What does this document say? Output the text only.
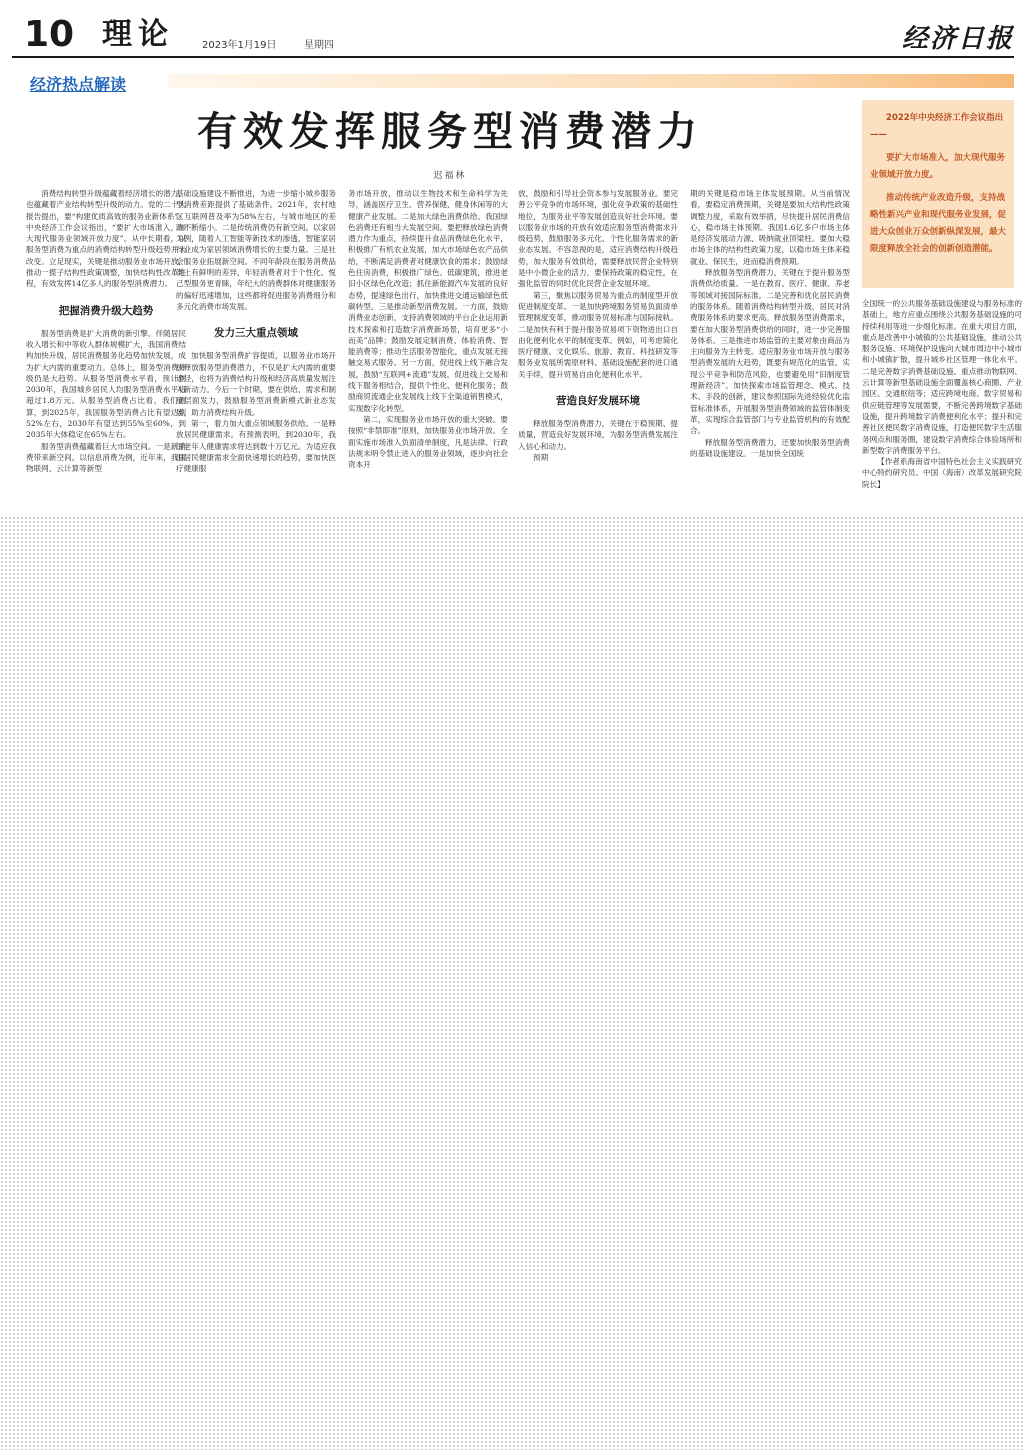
10 理论	2023年1月19日	星期四	经济日报
经济热点解读
有效发挥服务型消费潜力
迟福林

2022年中央经济工作会议指出——

要扩大市场准入，加大现代服务业领域开放力度。

推动传统产业改造升级，支持战略性新兴产业和现代服务业发展，促进大众创业万众创新纵深发展，最大限度释放全社会的创新创造潜能。

消费结构转型升级蕴藏着经济增长的潜力，也蕴藏着产业结构转型升级的动力。党的二十大报告提出，要“构建优质高效的服务业新体系”。中央经济工作会议指出，“要扩大市场准入，加大现代服务业领域开放力度”。从中长期看，以服务型消费为重点的消费结构转型升级趋势并未改变。立足现实，关键是推动服务业市场开放，推动一揽子结构性政策调整，加快结构性改革进程，有效发挥14亿多人的服务型消费潜力。

把握消费升级大趋势

服务型消费是扩大消费的新引擎。伴随居民收入增长和中等收入群体规模扩大，我国消费结构加快升级，居民消费服务化趋势加快发展，成为扩大内需的重要动力。总体上，服务型消费升级仍是大趋势。从服务型消费水平看，预计到2030年，我国城乡居民人均服务型消费水平将超过1.8万元。从服务型消费占比看，我们测算，到2025年，我国服务型消费占比有望达到52%左右，2030年有望达到55%至60%，到2035年大体稳定在65%左右。

服务型消费蕴藏着巨大市场空间。一是新消费带来新空间。以信息消费为例，近年来，我国物联网、云计算等新型

基础设施建设不断推进，为进一步缩小城乡服务型消费差距提供了基础条件。2021年，农村地区互联网普及率为58%左右，与城市地区的差距不断缩小。二是传统消费仍有新空间。以家居为例，随着人工智能等新技术的渗透，智能家居行业成为家居领域消费增长的主要力量。三是社会服务业拓展新空间。不同年龄段在服务消费品类上有鲜明的差异，年轻消费者对于个性化、悦己型服务更青睐，年纪大的消费群体对健康服务的偏好迅速增加，这些都将促进服务消费细分和多元化消费市场发展。

发力三大重点领域

加快服务型消费扩容提质，以服务业市场开放释放服务型消费潜力，不仅是扩大内需的重要途径，也将为消费结构升级和经济高质量发展注入新动力。今后一个时期，要在供给、需求和制度层面发力，鼓励服务型消费新模式新业态发展，助力消费结构升级。

第一，着力加大重点领域服务供给。一是释放居民健康需求。有预测表明，到2030年，我国老年人健康需求将达到数十万亿元。为适应我国居民健康需求全面快速增长的趋势，要加快医疗健康服

务市场开放，推动以生物技术和生命科学为先导，涵盖医疗卫生、营养保健、健身休闲等的大健康产业发展。二是加大绿色消费供给。我国绿色消费还有相当大发展空间。要把释放绿色消费潜力作为重点，持续提升食品消费绿色化水平，积极推广有机农业发展，加大市场绿色农产品供给，不断满足消费者对健康饮食的需求；鼓励绿色住房消费，积极推广绿色、低碳建筑，推进老旧小区绿色化改造；抓住新能源汽车发展的良好态势，提速绿色出行，加快推进交通运输绿色低碳转型。三是推动新型消费发展。一方面，鼓励消费业态创新，支持消费领域的平台企业运用新技术探索和打造数字消费新场景，培育更多“小而美”品牌；鼓励发展定制消费、体验消费、智能消费等；推动生活服务智能化，重点发展无接触交易式服务。另一方面，促进线上线下融合发展，鼓励“互联网+流通”发展，促进线上交易和线下服务相结合，提供个性化、便利化服务；鼓励商贸流通企业发展线上线下全渠道销售模式，实现数字化转型。

第二，实现服务业市场开放的重大突破。要按照“非禁即准”原则，加快服务业市场开放。全面实施市场准入负面清单制度，凡是法律、行政法规未明令禁止进入的服务业领域，逐步向社会资本开

放，鼓励和引导社会资本参与发展服务业。要完善公平竞争的市场环境，强化竞争政策的基础性地位，为服务业平等发展创造良好社会环境。要以服务业市场的开放有效适应服务型消费需求升级趋势，鼓励服务多元化、个性化服务需求的新业态发展。不容忽视的是，适应消费结构升级趋势，加大服务有效供给，需要释放民营企业特别是中小微企业的活力，要保持政策的稳定性，在强化监管的同时优化民营企业发展环境。

第三，聚焦以服务贸易为重点的制度型开放促进制度变革。一是加快跨境服务贸易负面清单管理制度变革，推动服务贸易标准与国际接轨。二是加快有利于提升服务贸易项下资物进出口自由化便利化水平的制度变革。例如，可考虑简化医疗健康、文化娱乐、旅游、教育、科技研发等服务业发展所需原材料、基础设施配套的进口通关手续，提升贸易自由化便利化水平。

营造良好发展环境

释放服务型消费潜力，关键在于稳预期、提质量，营造良好发展环境，为服务型消费发展注入信心和动力。

预期

期的关键是稳市场主体发展预期。从当前情况看，要稳定消费预期，关键是要加大结构性政策调整力度，采取有效举措，尽快提升居民消费信心，稳市场主体预期。我国1.6亿多户市场主体是经济发展动力源、吸纳就业顶梁柱。要加大稳市场主体的结构性政策力度，以稳市场主体来稳就业、保民生，进而稳消费预期。

释放服务型消费潜力，关键在于提升服务型消费供给质量。一是在教育、医疗、健康、养老等领域对接国际标准。二是完善和优化居民消费的服务体系。随着消费结构转型升级，居民对消费服务体系的要求更高。释放服务型消费需求，要在加大服务型消费供给的同时，进一步完善服务体系。三是推进市场监管的主要对象由商品为主向服务为主转变。适应服务业市场开放与服务型消费发展的大趋势，既要有规范化的监管，实现公平竞争和防范风险，也要避免用“旧制度管理新经济”。加快探索市场监管理念、模式、技术、手段的创新，建议参照国际先进经验优化监管标准体系，开展服务型消费领域的监管体制变革，实现综合监管部门与专业监管机构的有效配合。

释放服务型消费潜力，还要加快服务型消费的基础设施建设。一是加快全国统

全国统一的公共服务基础设施建设与服务标准的基础上，地方应重点围绕公共服务基础设施的可持续利用等进一步细化标准。在重大项目方面，重点是改善中小城镇的公共基础设施，推动公共服务设施、环境保护设施向大城市周边中小城市和小城镇扩散，提升城乡社区管理一体化水平。二是完善数字消费基础设施。重点推动物联网、云计算等新型基础设施全面覆盖核心商圈、产业园区、交通枢纽等；适应跨境电商、数字贸易和供应链管理等发展需要，不断完善跨境数字基础设施，提升跨境数字消费便利化水平；提升和完善社区便民数字消费设施，打造便民数字生活服务网点和服务圈，建设数字消费综合体验场所和新型数字消费服务平台。

【作者系海南省中国特色社会主义实践研究中心特约研究员、中国（海南）改革发展研究院院长】
